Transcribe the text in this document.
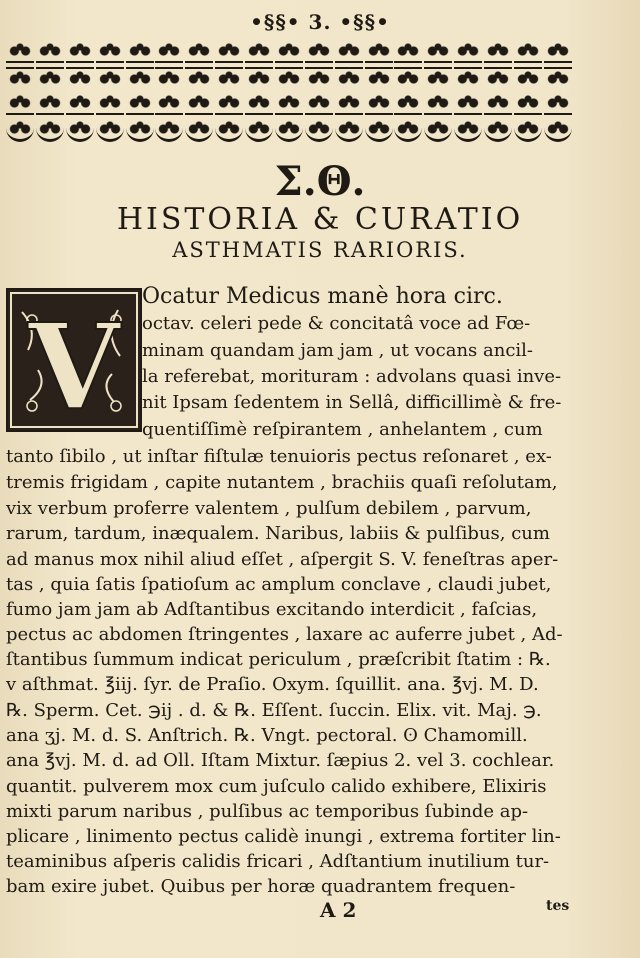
•§§• 3. •§§•
Σ.Θ.
HISTORIA & CURATIO
ASTHMATIS RARIORIS.
V
Ocatur Medicus manè hora circ.
octav. celeri pede & concitatâ voce ad Fœ-
minam quandam jam jam , ut vocans ancil-
la referebat, morituram : advolans quasi inve-
nit Ipsam ſedentem in Sellâ, difficillimè & fre-
quentiſſimè reſpirantem , anhelantem , cum
tanto ſibilo , ut inſtar fiſtulæ tenuioris pectus reſonaret , ex-
tremis frigidam , capite nutantem , brachiis quaſi reſolutam,
vix verbum proferre valentem , pulſum debilem , parvum,
rarum, tardum, inæqualem. Naribus, labiis & pulſibus, cum
ad manus mox nihil aliud eſſet , aſpergit S. V. feneſtras aper-
tas , quia ſatis ſpatioſum ac amplum conclave , claudi jubet,
fumo jam jam ab Adſtantibus excitando interdicit , faſcias,
pectus ac abdomen ſtringentes , laxare ac auferre jubet , Ad-
ſtantibus ſummum indicat periculum , præſcribit ſtatim : ℞.
v aſthmat. ℥iij. ſyr. de Praſio. Oxym. ſquillit. ana. ℥vj. M. D.
℞. Sperm. Cet. ℈ij . d. & ℞. Eſſent. ſuccin. Elix. vit. Maj. ℈.
ana ʒj. M. d. S. Anſtrich. ℞. Vngt. pectoral. ʘ Chamomill.
ana ℥vj. M. d. ad Oll. Iſtam Mixtur. ſæpius 2. vel 3. cochlear.
quantit. pulverem mox cum juſculo calido exhibere, Elixiris
mixti parum naribus , pulſibus ac temporibus ſubinde ap-
plicare , linimento pectus calidè inungi , extrema fortiter lin-
teaminibus aſperis calidis fricari , Adſtantium inutilium tur-
bam exire jubet. Quibus per horæ quadrantem frequen-
A 2	tes
